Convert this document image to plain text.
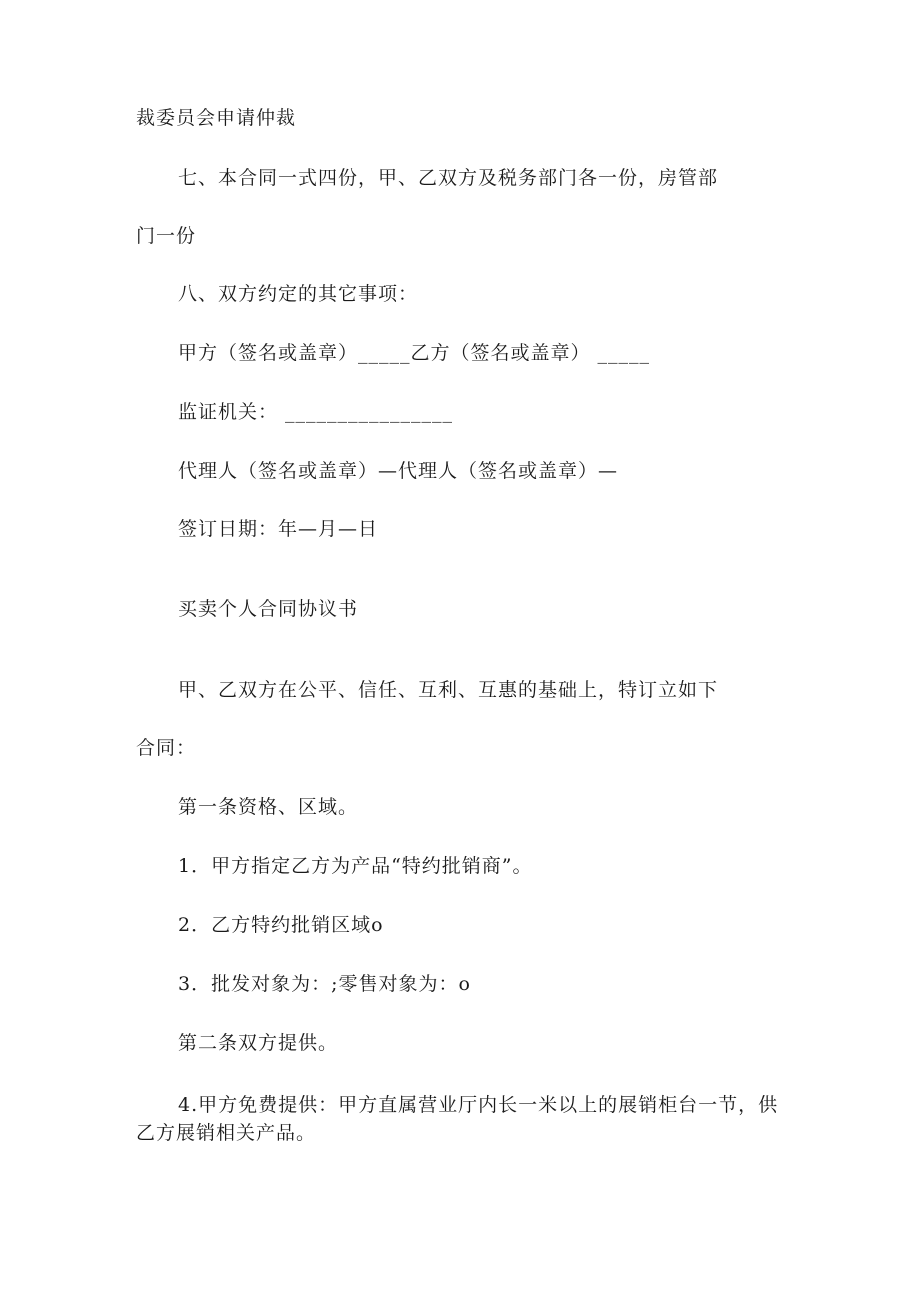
裁委员会申请仲裁
七、本合同一式四份，甲、乙双方及税务部门各一份，房管部
门一份
八、双方约定的其它事项：
甲方（签名或盖章）_____乙方（签名或盖章） _____
监证机关： ________________
代理人（签名或盖章）—代理人（签名或盖章）—
签订日期：年—月—日
买卖个人合同协议书
甲、乙双方在公平、信任、互利、互惠的基础上，特订立如下
合同：
第一条资格、区域。
1．甲方指定乙方为产品“特约批销商”。
2．乙方特约批销区域o
3．批发对象为：;零售对象为：o
第二条双方提供。
4.甲方免费提供：甲方直属营业厅内长一米以上的展销柜台一节，供
乙方展销相关产品。
